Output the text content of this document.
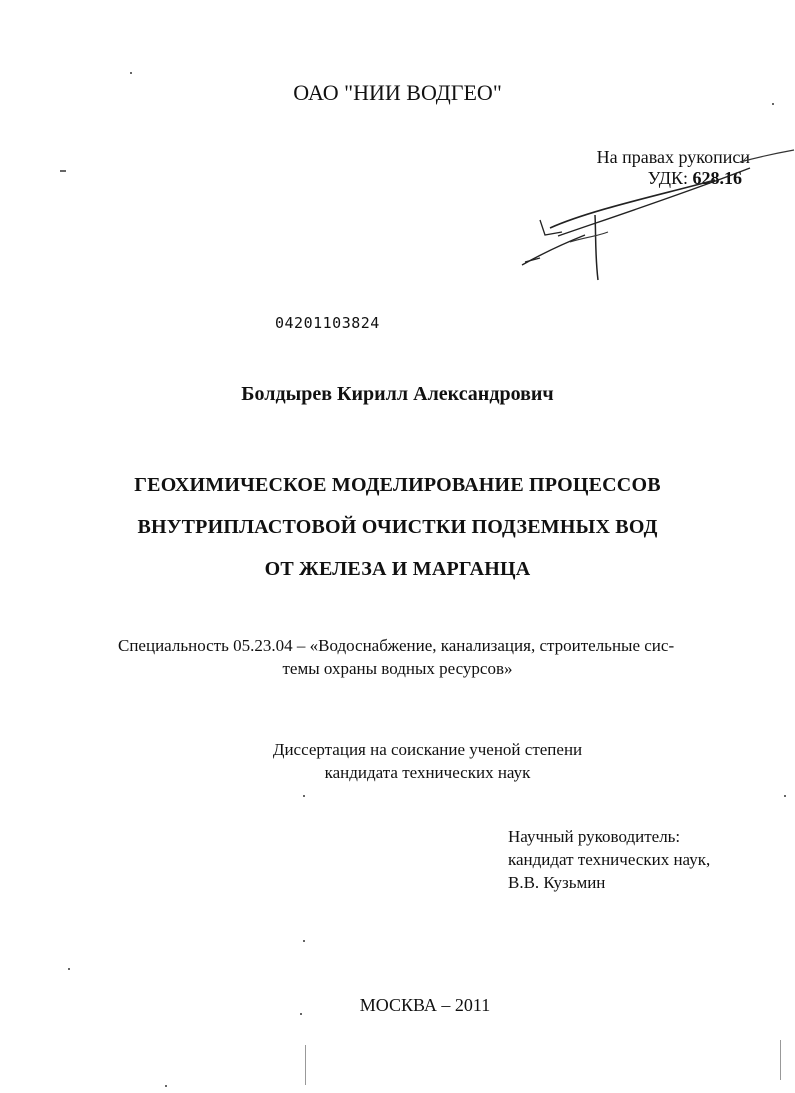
ОАО "НИИ ВОДГЕО"
На правах рукописи
УДК: 628.16
04201103824
Болдырев Кирилл Александрович
ГЕОХИМИЧЕСКОЕ МОДЕЛИРОВАНИЕ ПРОЦЕССОВ
ВНУТРИПЛАСТОВОЙ ОЧИСТКИ ПОДЗЕМНЫХ ВОД
ОТ ЖЕЛЕЗА И МАРГАНЦА
Специальность 05.23.04 – «Водоснабжение, канализация, строительные сис-
темы охраны водных ресурсов»
Диссертация на соискание ученой степени
кандидата технических наук
Научный руководитель:
кандидат технических наук,
В.В. Кузьмин
МОСКВА – 2011
